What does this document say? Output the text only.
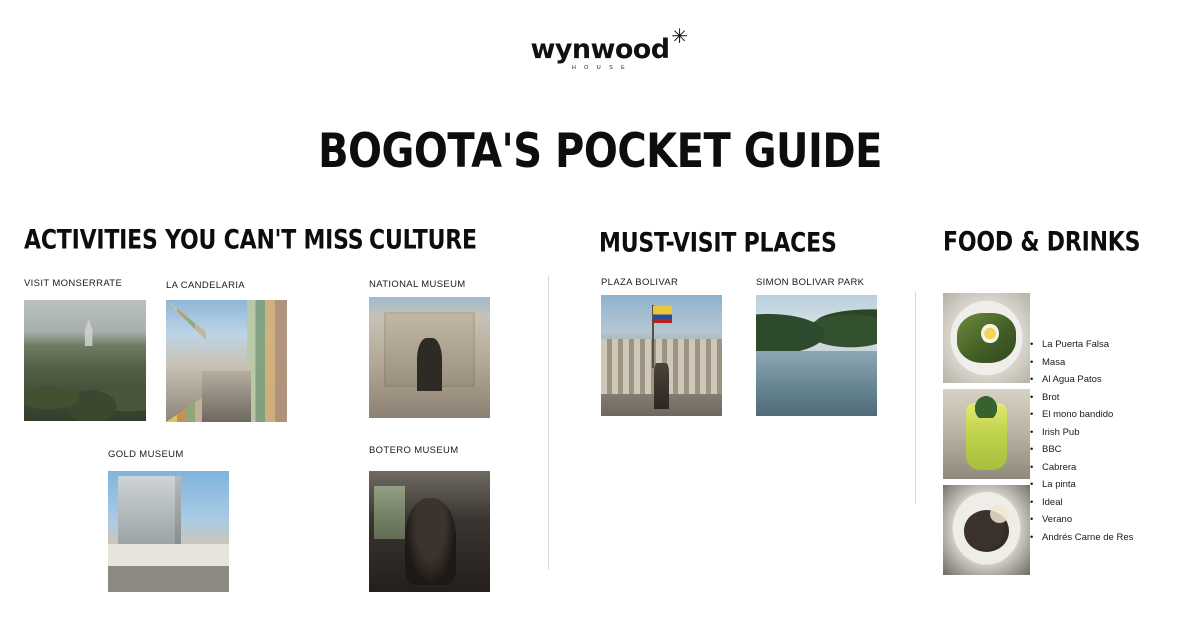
wynwood ✳
H O U S E
BOGOTA'S POCKET GUIDE
ACTIVITIES YOU CAN'T MISS
VISIT MONSERRATE	LA CANDELARIA
GOLD MUSEUM
CULTURE
NATIONAL MUSEUM
BOTERO MUSEUM
MUST-VISIT PLACES
PLAZA BOLIVAR	SIMON BOLIVAR PARK
FOOD & DRINKS
• La Puerta Falsa
• Masa
• Al Agua Patos
• Brot
• El mono bandido
• Irish Pub
• BBC
• Cabrera
• La pinta
• Ideal
• Verano
• Andrés Carne de Res
